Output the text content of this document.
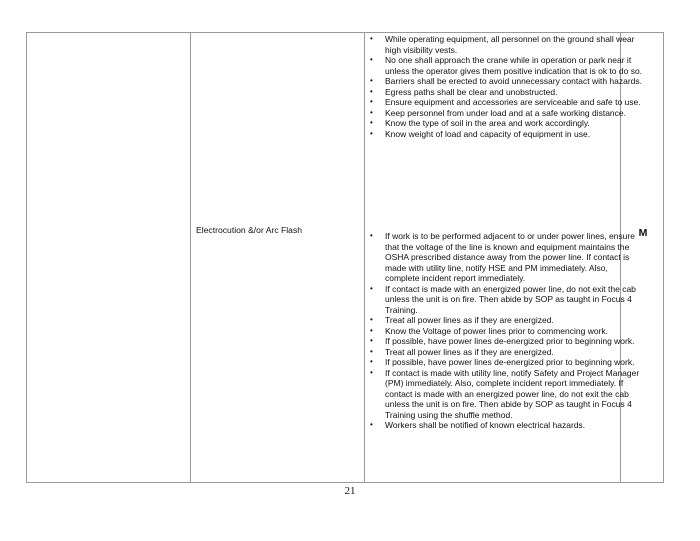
Electrocution &/or Arc Flash
• While operating equipment, all personnel on the ground shall wear high visibility vests.
• No one shall approach the crane while in operation or park near it unless the operator gives them positive indication that is ok to do so.
• Barriers shall be erected to avoid unnecessary contact with hazards.
• Egress paths shall be clear and unobstructed.
• Ensure equipment and accessories are serviceable and safe to use.
• Keep personnel from under load and at a safe working distance.
• Know the type of soil in the area and work accordingly.
• Know weight of load and capacity of equipment in use.
• If work is to be performed adjacent to or under power lines, ensure that the voltage of the line is known and equipment maintains the OSHA prescribed distance away from the power line. If contact is made with utility line, notify HSE and PM immediately. Also, complete incident report immediately.
• If contact is made with an energized power line, do not exit the cab unless the unit is on fire. Then abide by SOP as taught in Focus 4 Training.
• Treat all power lines as if they are energized.
• Know the Voltage of power lines prior to commencing work.
• If possible, have power lines de-energized prior to beginning work.
• Treat all power lines as if they are energized.
• If possible, have power lines de-energized prior to beginning work.
• If contact is made with utility line, notify Safety and Project Manager (PM) immediately. Also, complete incident report immediately. If contact is made with an energized power line, do not exit the cab unless the unit is on fire. Then abide by SOP as taught in Focus 4 Training using the shuffle method.
• Workers shall be notified of known electrical hazards.
M
21
